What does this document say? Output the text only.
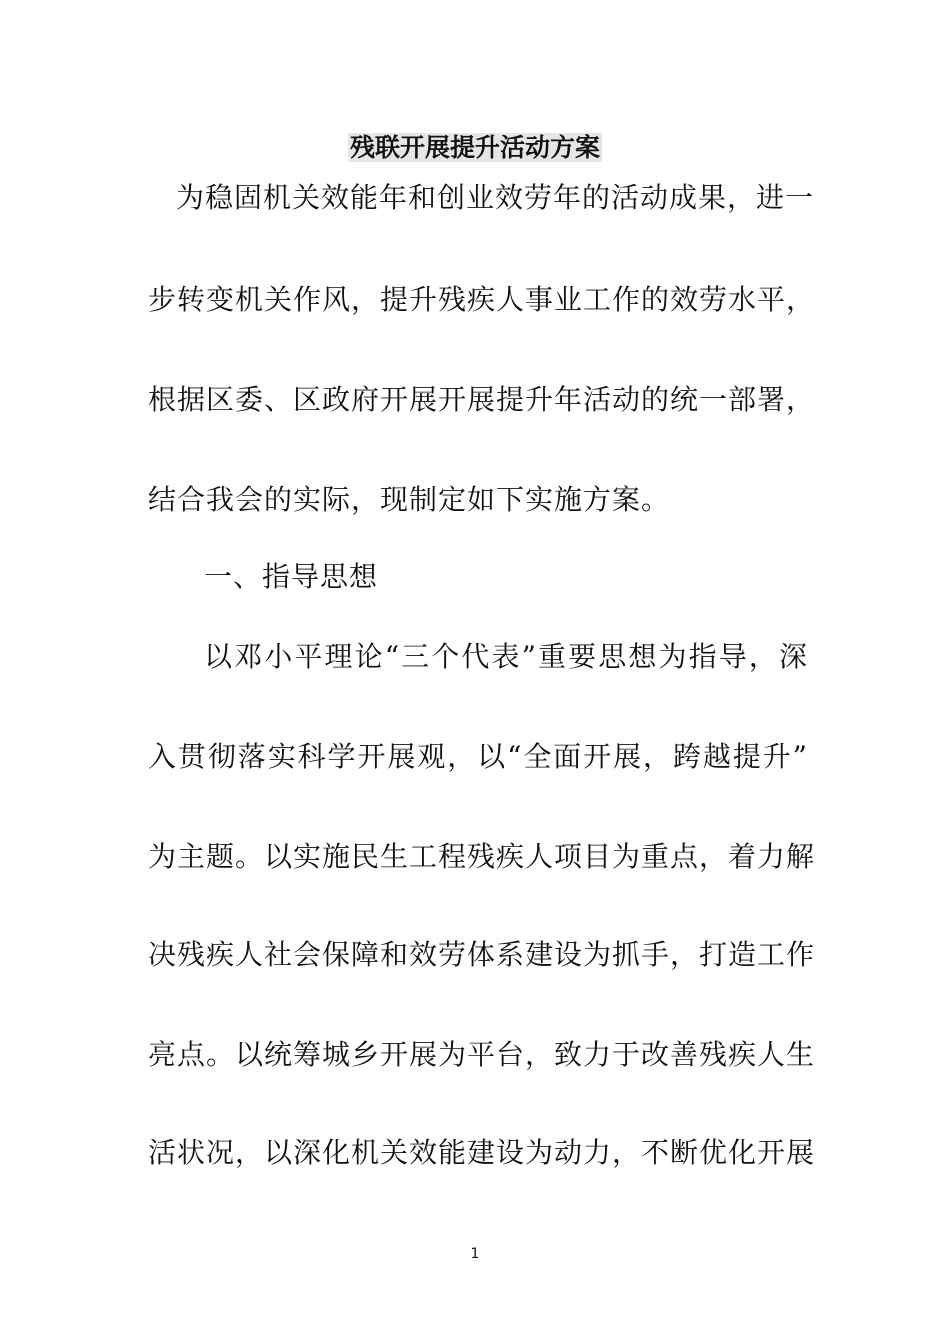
残联开展提升活动方案
为稳固机关效能年和创业效劳年的活动成果，进一
步转变机关作风，提升残疾人事业工作的效劳水平，
根据区委、区政府开展开展提升年活动的统一部署，
结合我会的实际，现制定如下实施方案。
一、指导思想
以邓小平理论“三个代表”重要思想为指导，深
入贯彻落实科学开展观，以“全面开展，跨越提升”
为主题。以实施民生工程残疾人项目为重点，着力解
决残疾人社会保障和效劳体系建设为抓手，打造工作
亮点。以统筹城乡开展为平台，致力于改善残疾人生
活状况，以深化机关效能建设为动力，不断优化开展
1
